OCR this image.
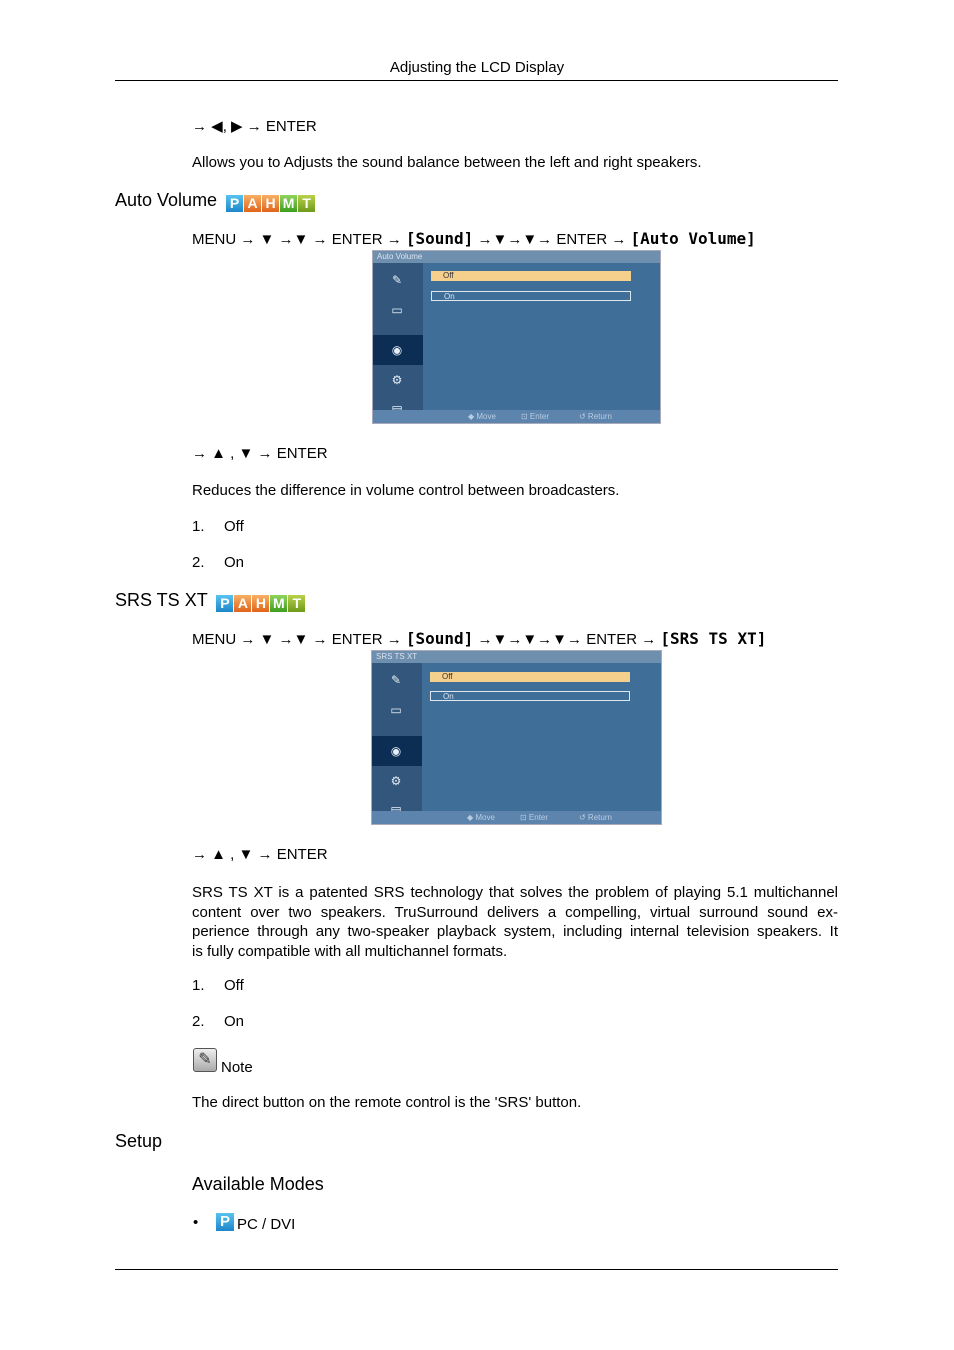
Adjusting the LCD Display
→ ◀, ▶ → ENTER
Allows you to Adjusts the sound balance between the left and right speakers.
Auto Volume P A H M T
MENU → ▼ →▼ → ENTER → [Sound] →▼→▼→ ENTER → [Auto Volume]
Auto Volume
✎
▭
◉
⚙
Off
On
◆ Move	⊡ Enter	↺ Return
→ ▲ , ▼ → ENTER
Reduces the difference in volume control between broadcasters.
1. Off
2. On
SRS TS XT P A H M T
MENU → ▼ →▼ → ENTER → [Sound] →▼→▼→▼→ ENTER → [SRS TS XT]
SRS TS XT
✎
▭
◉
⚙
Off
On
◆ Move	⊡ Enter	↺ Return
→ ▲ , ▼ → ENTER
SRS TS XT is a patented SRS technology that solves the problem of playing 5.1 multichannel
content over two speakers. TruSurround delivers a compelling, virtual surround sound ex-
perience through any two-speaker playback system, including internal television speakers. It
is fully compatible with all multichannel formats.
1. Off
2. On
✎ Note
The direct button on the remote control is the 'SRS' button.
Setup
Available Modes
• P PC / DVI
